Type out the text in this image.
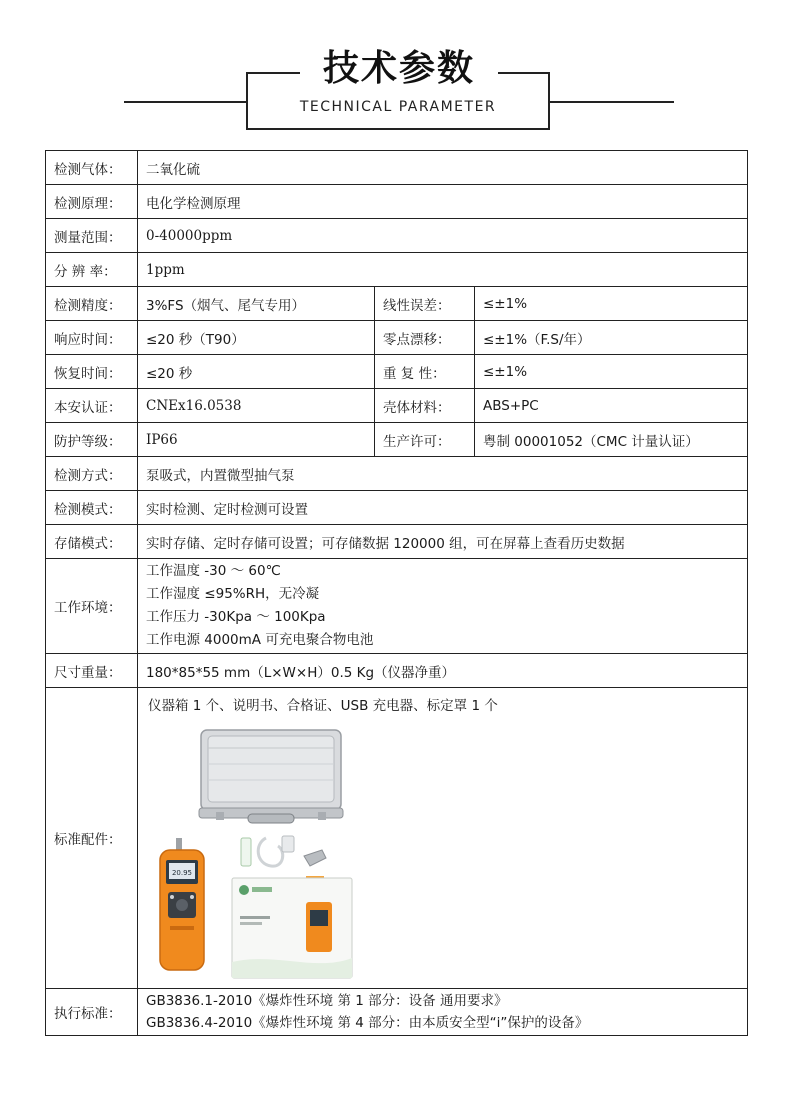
技术参数
TECHNICAL PARAMETER
检测气体：	二氧化硫		
检测原理：	电化学检测原理		
测量范围：	0-40000ppm		
分 辨 率：	1ppm		
检测精度：	3%FS（烟气、尾气专用）	线性误差：	≤±1%
响应时间：	≤20 秒（T90）	零点漂移：	≤±1%（F.S/年）
恢复时间：	≤20 秒	重 复 性：	≤±1%
本安认证：	CNEx16.0538	壳体材料：	ABS+PC
防护等级：	IP66	生产许可：	粤制 00001052（CMC 计量认证）
检测方式：	泵吸式，内置微型抽气泵		
检测模式：	实时检测、定时检测可设置		
存储模式：	实时存储、定时存储可设置；可存储数据 120000 组，可在屏幕上查看历史数据		
工作环境：	工作温度 -30 ～ 60℃
工作湿度 ≤95%RH，无冷凝
工作压力 -30Kpa ～ 100Kpa
工作电源 4000mA 可充电聚合物电池		

尺寸重量：	180*85*55 mm（L×W×H）0.5 Kg（仪器净重）		
标准配件：	仪器箱 1 个、说明书、合格证、USB 充电器、标定罩 1 个
20.95		

执行标准：	GB3836.1-2010《爆炸性环境 第 1 部分：设备 通用要求》
GB3836.4-2010《爆炸性环境 第 4 部分：由本质安全型“i”保护的设备》		
